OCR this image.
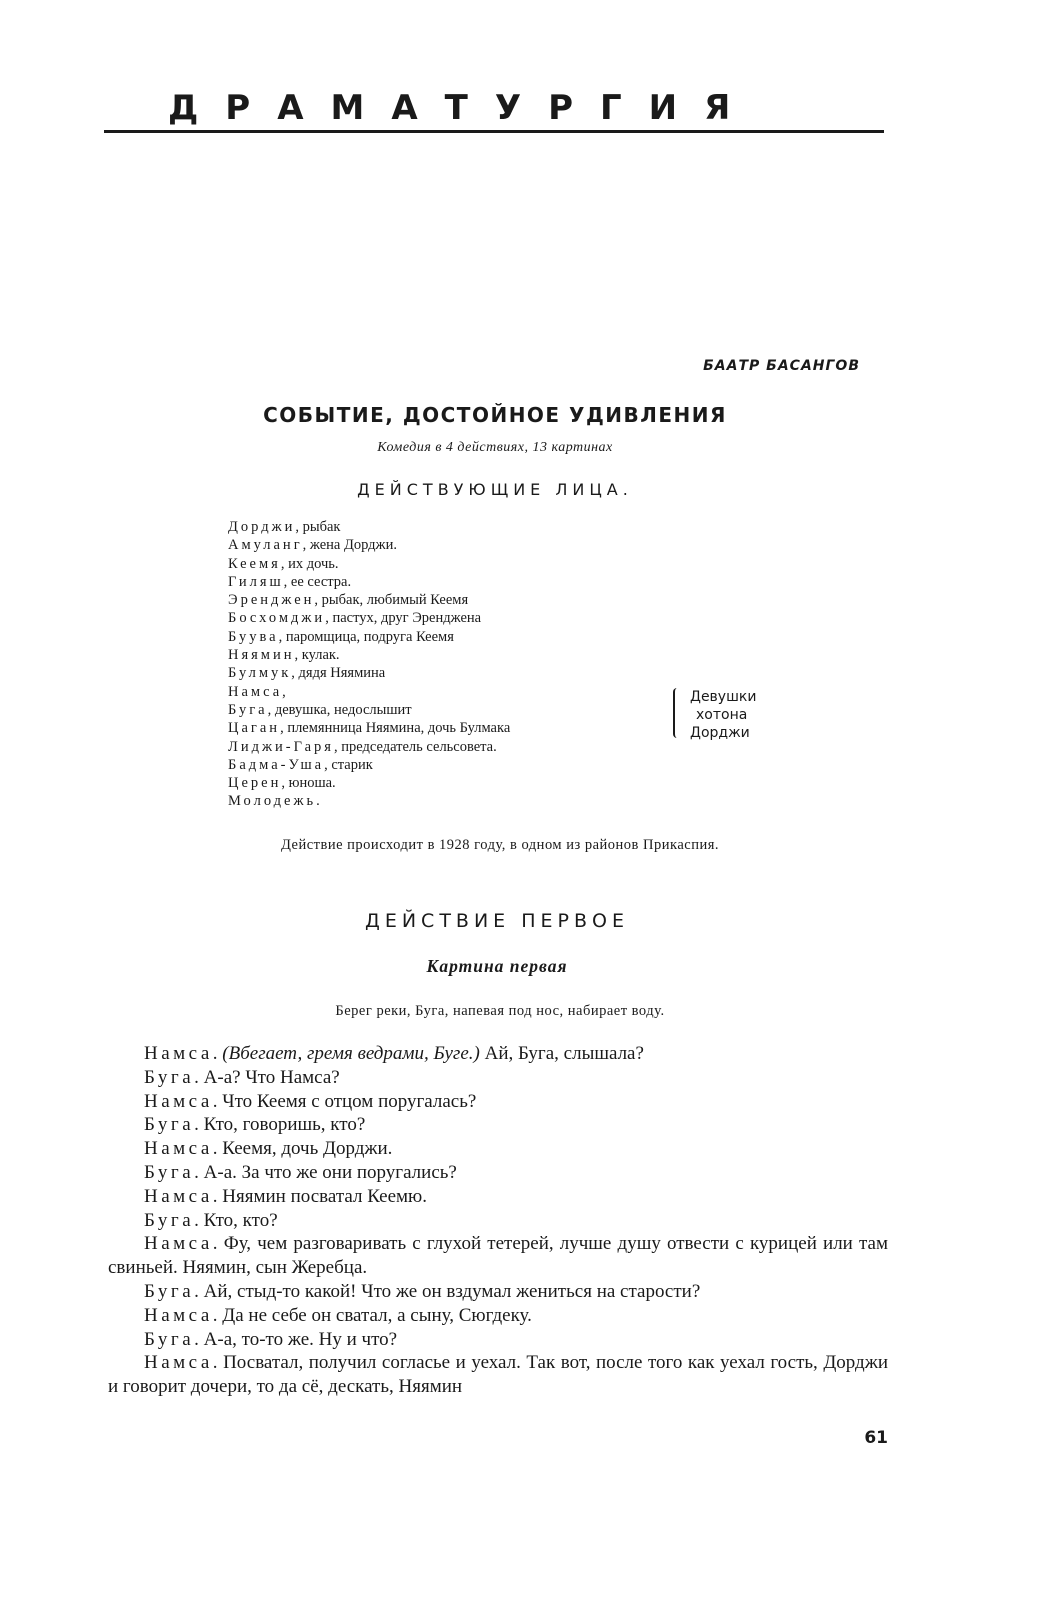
ДРАМАТУРГИЯ
БААТР БАСАНГОВ
СОБЫТИЕ, ДОСТОЙНОЕ УДИВЛЕНИЯ
Комедия в 4 действиях, 13 картинах
ДЕЙСТВУЮЩИЕ ЛИЦА.
Дорджи, рыбак
Амуланг, жена Дорджи.
Кеемя, их дочь.
Гиляш, ее сестра.
Эренджен, рыбак, любимый Кеемя
Босхомджи, пастух, друг Эренджена
Буува, паромщица, подруга Кеемя
Няямин, кулак.
Булмук, дядя Няямина
Намса,
Буга, девушка, недослышит
Цаган, племянница Няямина, дочь Булмака
Лиджи-Гаря, председатель сельсовета.
Бадма-Уша, старик
Церен, юноша.
Молодежь.
Девушки
хотона
Дорджи
Действие происходит в 1928 году, в одном из районов Прикаспия.
ДЕЙСТВИЕ ПЕРВОЕ
Картина первая
Берег реки, Буга, напевая под нос, набирает воду.

Намса. (Вбегает, гремя ведрами, Буге.) Ай, Буга, слышала?

Буга. А-а? Что Намса?

Намса. Что Кеемя с отцом поругалась?

Буга. Кто, говоришь, кто?

Намса. Кеемя, дочь Дорджи.

Буга. А-а. За что же они поругались?

Намса. Няямин посватал Кеемю.

Буга. Кто, кто?

Намса. Фу, чем разговаривать с глухой тетерей, лучше душу отвести с курицей или там свиньей. Няямин, сын Жеребца.

Буга. Ай, стыд-то какой! Что же он вздумал жениться на старости?

Намса. Да не себе он сватал, а сыну, Сюгдеку.

Буга. А-а, то-то же. Ну и что?

Намса. Посватал, получил согласье и уехал. Так вот, после того как уехал гость, Дорджи и говорит дочери, то да сё, дескать, Няямин

61
